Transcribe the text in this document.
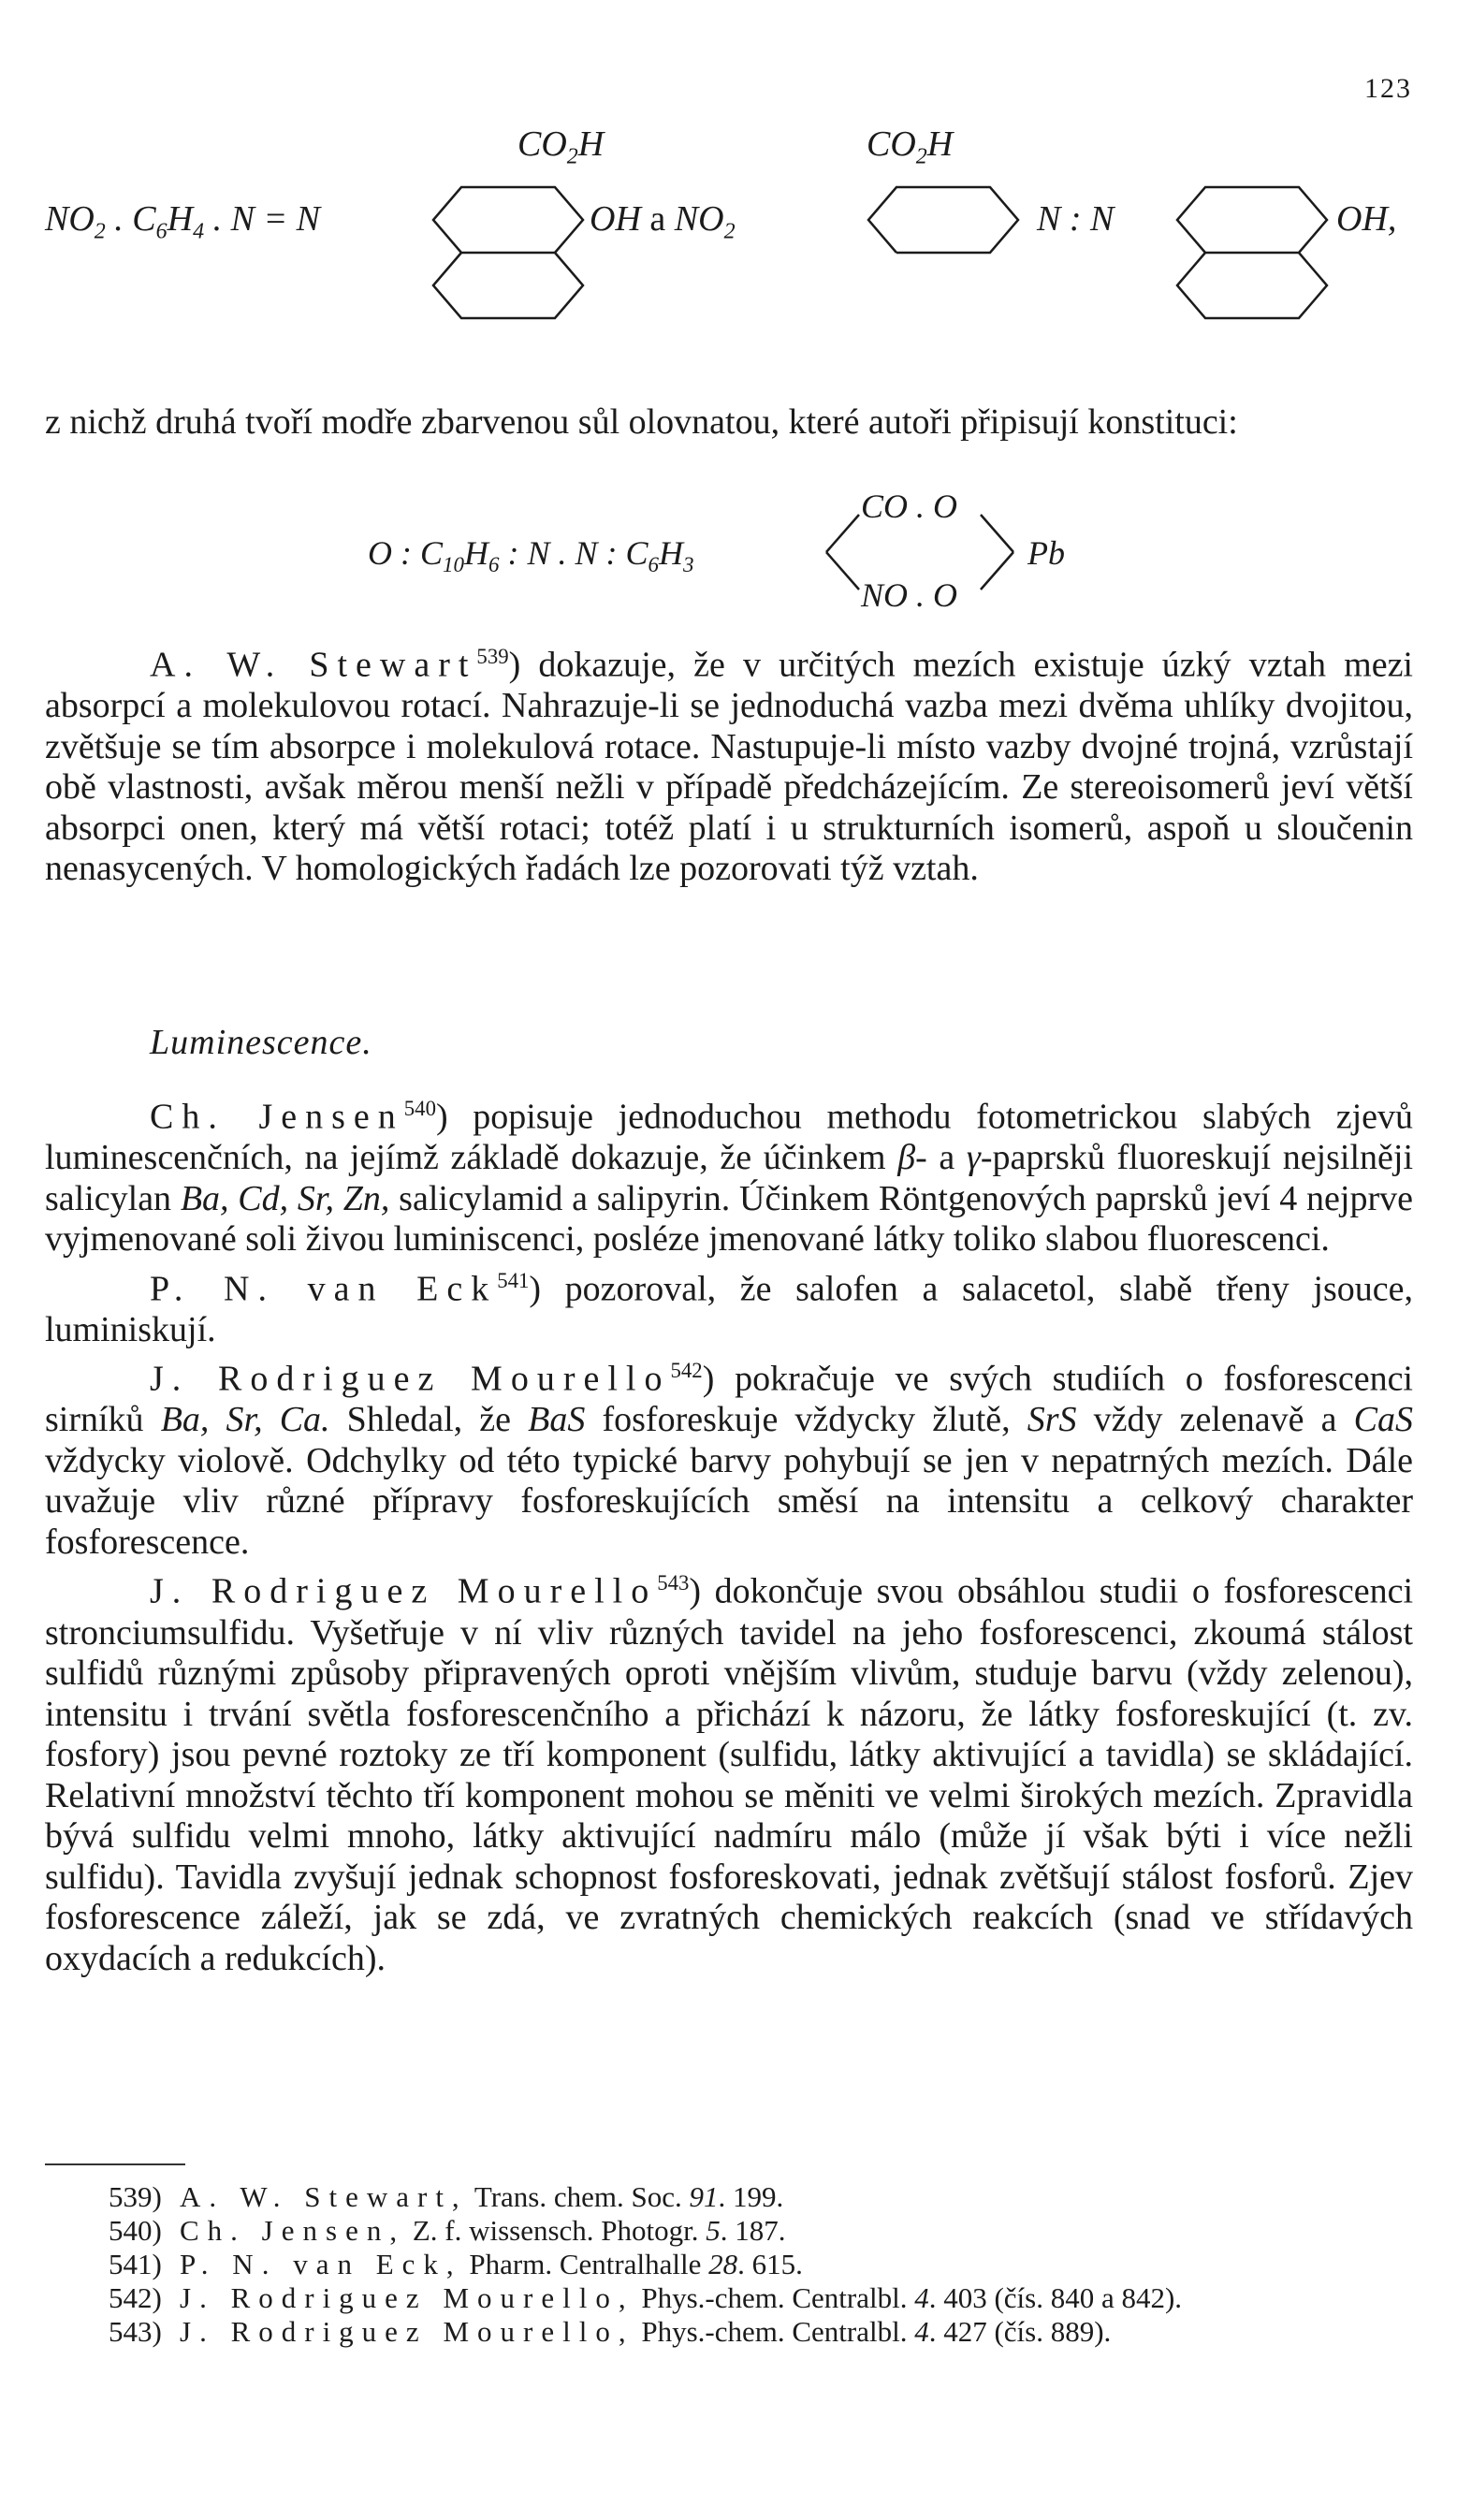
123
$CO_2H$	$CO_2H$
$NO_2$ . $C_6H_4$ . N = N	OH a $NO_2$	N : N	OH,

z nichž druhá tvoří modře zbarvenou sůl olovnatou, které autoři připisují konstituci:

O : $C_{10}H_6$ : N . N : $C_6H_3$
CO . O
NO . O
Pb

A. W. Stewart$^{539}$) dokazuje, že v určitých mezích existuje úzký vztah mezi absorpcí a molekulovou rotací. Nahrazuje-li se jednoduchá vazba mezi dvěma uhlíky dvojitou, zvětšuje se tím absorpce i molekulová rotace. Nastupuje-li místo vazby dvojné trojná, vzrůstají obě vlastnosti, avšak měrou menší nežli v případě předcházejícím. Ze stereoisomerů jeví větší absorpci onen, který má větší rotaci; totéž platí i u strukturních isomerů, aspoň u sloučenin nenasycených. V homologických řadách lze pozorovati týž vztah.

Luminescence.

Ch. Jensen$^{540}$) popisuje jednoduchou methodu fotometrickou slabých zjevů luminescenčních, na jejímž základě dokazuje, že účinkem β- a γ-paprsků fluoreskují nejsilněji salicylan Ba, Cd, Sr, Zn, salicylamid a salipyrin. Účinkem Röntgenových paprsků jeví 4 nejprve vyjmenované soli živou luminiscenci, posléze jmenované látky toliko slabou fluorescenci.

P. N. van Eck$^{541}$) pozoroval, že salofen a salacetol, slabě třeny jsouce, luminiskují.

J. Rodriguez Mourello$^{542}$) pokračuje ve svých studiích o fosforescenci sirníků Ba, Sr, Ca. Shledal, že BaS fosforeskuje vždycky žlutě, SrS vždy zelenavě a CaS vždycky violově. Odchylky od této typické barvy pohybují se jen v nepatrných mezích. Dále uvažuje vliv různé přípravy fosforeskujících směsí na intensitu a celkový charakter fosforescence.

J. Rodriguez Mourello$^{543}$) dokončuje svou obsáhlou studii o fosforescenci stronciumsulfidu. Vyšetřuje v ní vliv různých tavidel na jeho fosforescenci, zkoumá stálost sulfidů různými způsoby připravených oproti vnějším vlivům, studuje barvu (vždy zelenou), intensitu i trvání světla fosforescenčního a přichází k názoru, že látky fosforeskující (t. zv. fosfory) jsou pevné roztoky ze tří komponent (sulfidu, látky aktivující a tavidla) se skládající. Relativní množství těchto tří komponent mohou se měniti ve velmi širokých mezích. Zpravidla bývá sulfidu velmi mnoho, látky aktivující nadmíru málo (může jí však býti i více nežli sulfidu). Tavidla zvyšují jednak schopnost fosforeskovati, jednak zvětšují stálost fosforů. Zjev fosforescence záleží, jak se zdá, ve zvratných chemických reakcích (snad ve střídavých oxydacích a redukcích).

539) A. W. Stewart, Trans. chem. Soc. 91. 199.

540) Ch. Jensen, Z. f. wissensch. Photogr. 5. 187.

541) P. N. van Eck, Pharm. Centralhalle 28. 615.

542) J. Rodriguez Mourello, Phys.-chem. Centralbl. 4. 403 (čís. 840 a 842).

543) J. Rodriguez Mourello, Phys.-chem. Centralbl. 4. 427 (čís. 889).
